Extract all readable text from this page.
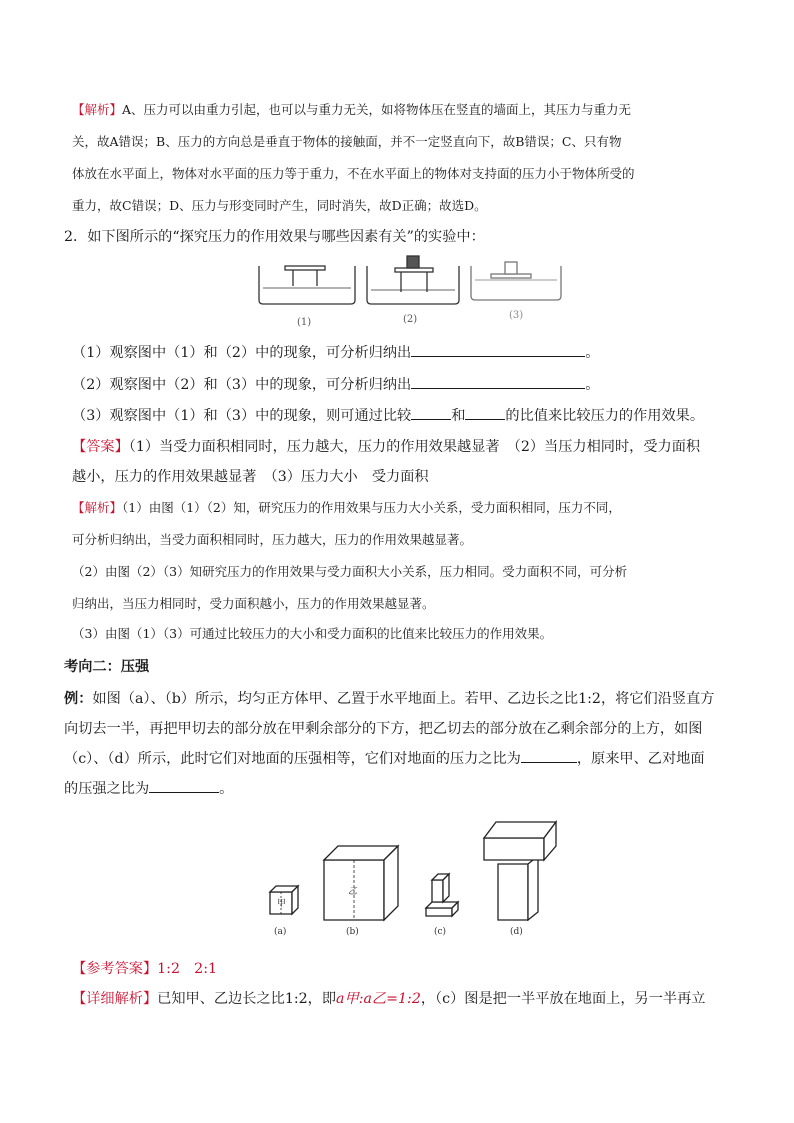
【解析】A、压力可以由重力引起，也可以与重力无关，如将物体压在竖直的墙面上，其压力与重力无
关，故A错误；B、压力的方向总是垂直于物体的接触面，并不一定竖直向下，故B错误；C、只有物
体放在水平面上，物体对水平面的压力等于重力，不在水平面上的物体对支持面的压力小于物体所受的
重力，故C错误；D、压力与形变同时产生，同时消失，故D正确；故选D。
2．如下图所示的“探究压力的作用效果与哪些因素有关”的实验中：
(1)	(2)	(3)
（1）观察图中（1）和（2）中的现象，可分析归纳出	。
（2）观察图中（2）和（3）中的现象，可分析归纳出	。
（3）观察图中（1）和（3）中的现象，则可通过比较	和	的比值来比较压力的作用效果。
【答案】（1）当受力面积相同时，压力越大，压力的作用效果越显著　（2）当压力相同时，受力面积
越小，压力的作用效果越显著　（3）压力大小　受力面积
【解析】（1）由图（1）（2）知，研究压力的作用效果与压力大小关系，受力面积相同，压力不同，
可分析归纳出，当受力面积相同时，压力越大，压力的作用效果越显著。
（2）由图（2）（3）知研究压力的作用效果与受力面积大小关系，压力相同。受力面积不同，可分析
归纳出，当压力相同时，受力面积越小，压力的作用效果越显著。
（3）由图（1）（3）可通过比较压力的大小和受力面积的比值来比较压力的作用效果。
考向二：压强
例：如图（a）、（b）所示，均匀正方体甲、乙置于水平地面上。若甲、乙边长之比1:2，将它们沿竖直方
向切去一半，再把甲切去的部分放在甲剩余部分的下方，把乙切去的部分放在乙剩余部分的上方，如图
（c）、（d）所示，此时它们对地面的压强相等，它们对地面的压力之比为	，原来甲、乙对地面
的压强之比为	。
甲
乙
(a)	(b)	(c)	(d)
【参考答案】1:2　2:1
【详细解析】已知甲、乙边长之比1:2，即a甲:a乙=1:2，（c）图是把一半平放在地面上，另一半再立
